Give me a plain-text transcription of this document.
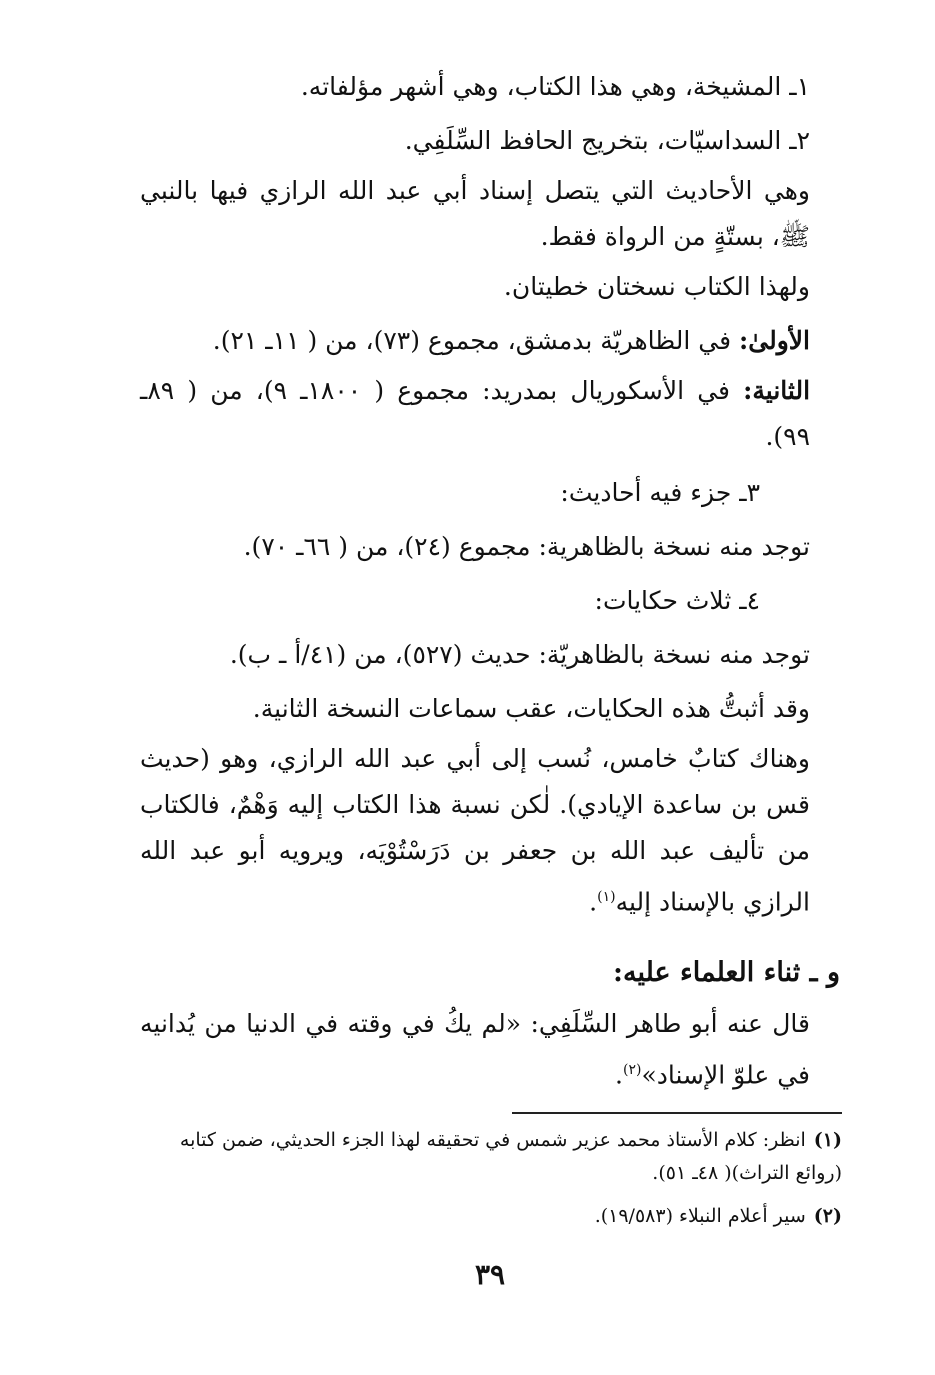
١ـ المشيخة، وهي هذا الكتاب، وهي أشهر مؤلفاته.
٢ـ السداسيّات، بتخريج الحافظ السِّلَفِي.
وهي الأحاديث التي يتصل إسناد أبي عبد الله الرازي فيها بالنبي ﷺ، بستّةٍ من الرواة فقط.
ولهذا الكتاب نسختان خطيتان.
الأولىٰ: في الظاهريّة بدمشق، مجموع (٧٣)، من ( ١١ـ ٢١).
الثانية: في الأسكوريال بمدريد: مجموع ( ١٨٠٠ـ ٩)، من ( ٨٩ـ ٩٩).
٣ـ جزء فيه أحاديث:
توجد منه نسخة بالظاهرية: مجموع (٢٤)، من ( ٦٦ـ ٧٠).
٤ـ ثلاث حكايات:
توجد منه نسخة بالظاهريّة: حديث (٥٢٧)، من (٤١/أ ـ ب).
وقد أثبتُّ هذه الحكايات، عقب سماعات النسخة الثانية.
وهناك كتابٌ خامس، نُسب إلى أبي عبد الله الرازي، وهو (حديث قس بن ساعدة الإيادي). لٰكن نسبة هذا الكتاب إليه وَهْمٌ، فالكتاب من تأليف عبد الله بن جعفر بن دَرَسْتُوْيَه، ويرويه أبو عبد الله الرازي بالإسناد إليه$^{(١)}$.
و ـ ثناء العلماء عليه:
قال عنه أبو طاهر السِّلَفِي: «لم يكُ في وقته في الدنيا من يُدانيه في علوّ الإسناد»$^{(٢)}$.
(١)انظر: كلام الأستاذ محمد عزير شمس في تحقيقه لهذا الجزء الحديثي، ضمن كتابه (روائع التراث)( ٤٨ـ ٥١).
(٢)سير أعلام النبلاء (١٩/٥٨٣).
٣٩
